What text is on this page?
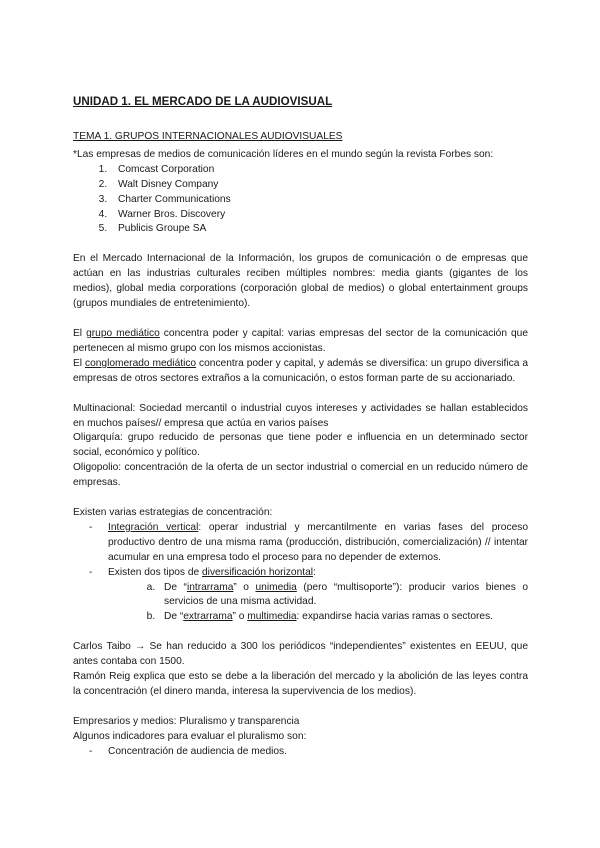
UNIDAD 1. EL MERCADO DE LA AUDIOVISUAL

TEMA 1. GRUPOS INTERNACIONALES AUDIOVISUALES

*Las empresas de medios de comunicación líderes en el mundo según la revista Forbes son:

1. Comcast Corporation
2. Walt Disney Company
3. Charter Communications
4. Warner Bros. Discovery
5. Publicis Groupe SA

En el Mercado Internacional de la Información, los grupos de comunicación o de empresas que actúan en las industrias culturales reciben múltiples nombres: media giants (gigantes de los medios), global media corporations (corporación global de medios) o global entertainment groups (grupos mundiales de entretenimiento).

El grupo mediático concentra poder y capital: varias empresas del sector de la comunicación que pertenecen al mismo grupo con los mismos accionistas.

El conglomerado mediático concentra poder y capital, y además se diversifica: un grupo diversifica a empresas de otros sectores extraños a la comunicación, o estos forman parte de su accionariado.

Multinacional: Sociedad mercantil o industrial cuyos intereses y actividades se hallan establecidos en muchos países// empresa que actúa en varios países

Oligarquía: grupo reducido de personas que tiene poder e influencia en un determinado sector social, económico y político.

Oligopolio: concentración de la oferta de un sector industrial o comercial en un reducido número de empresas.

Existen varias estrategias de concentración:

- Integración vertical: operar industrial y mercantilmente en varias fases del proceso productivo dentro de una misma rama (producción, distribución, comercialización) // intentar acumular en una empresa todo el proceso para no depender de externos.
- Existen dos tipos de diversificación horizontal:
a. De “intrarrama” o unimedia (pero “multisoporte”): producir varios bienes o servicios de una misma actividad.
b. De “extrarrama” o multimedia: expandirse hacia varias ramas o sectores.

Carlos Taibo → Se han reducido a 300 los periódicos “independientes” existentes en EEUU, que antes contaba con 1500.

Ramón Reig explica que esto se debe a la liberación del mercado y la abolición de las leyes contra la concentración (el dinero manda, interesa la supervivencia de los medios).

Empresarios y medios: Pluralismo y transparencia

Algunos indicadores para evaluar el pluralismo son:

- Concentración de audiencia de medios.
